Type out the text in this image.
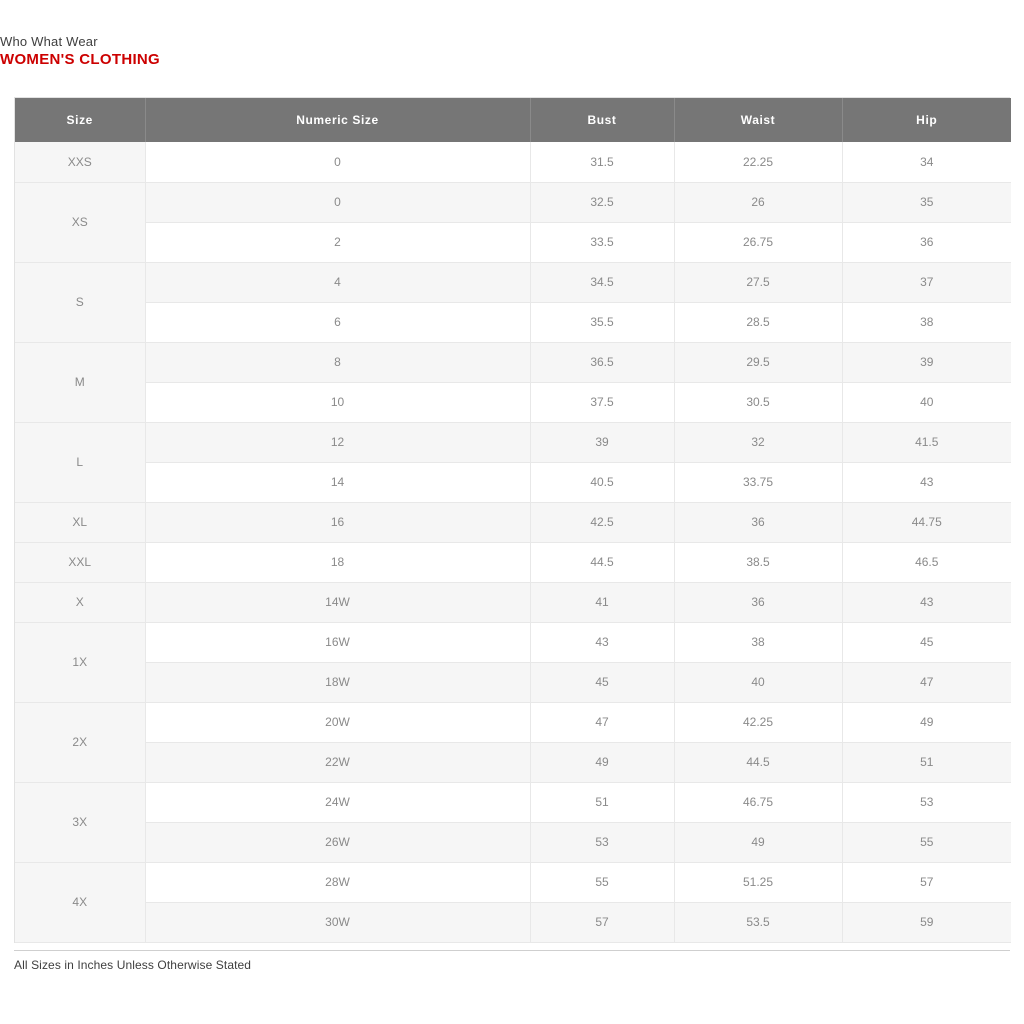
Who What Wear
WOMEN'S CLOTHING
Size	Numeric Size	Bust	Waist	Hip
XXS	0	31.5	22.25	34
XS	0	32.5	26	35
	2	33.5	26.75	36
S	4	34.5	27.5	37
	6	35.5	28.5	38
M	8	36.5	29.5	39
	10	37.5	30.5	40
L	12	39	32	41.5
	14	40.5	33.75	43
XL	16	42.5	36	44.75
XXL	18	44.5	38.5	46.5
X	14W	41	36	43
1X	16W	43	38	45
	18W	45	40	47
2X	20W	47	42.25	49
	22W	49	44.5	51
3X	24W	51	46.75	53
	26W	53	49	55
4X	28W	55	51.25	57
	30W	57	53.5	59
All Sizes in Inches Unless Otherwise Stated
